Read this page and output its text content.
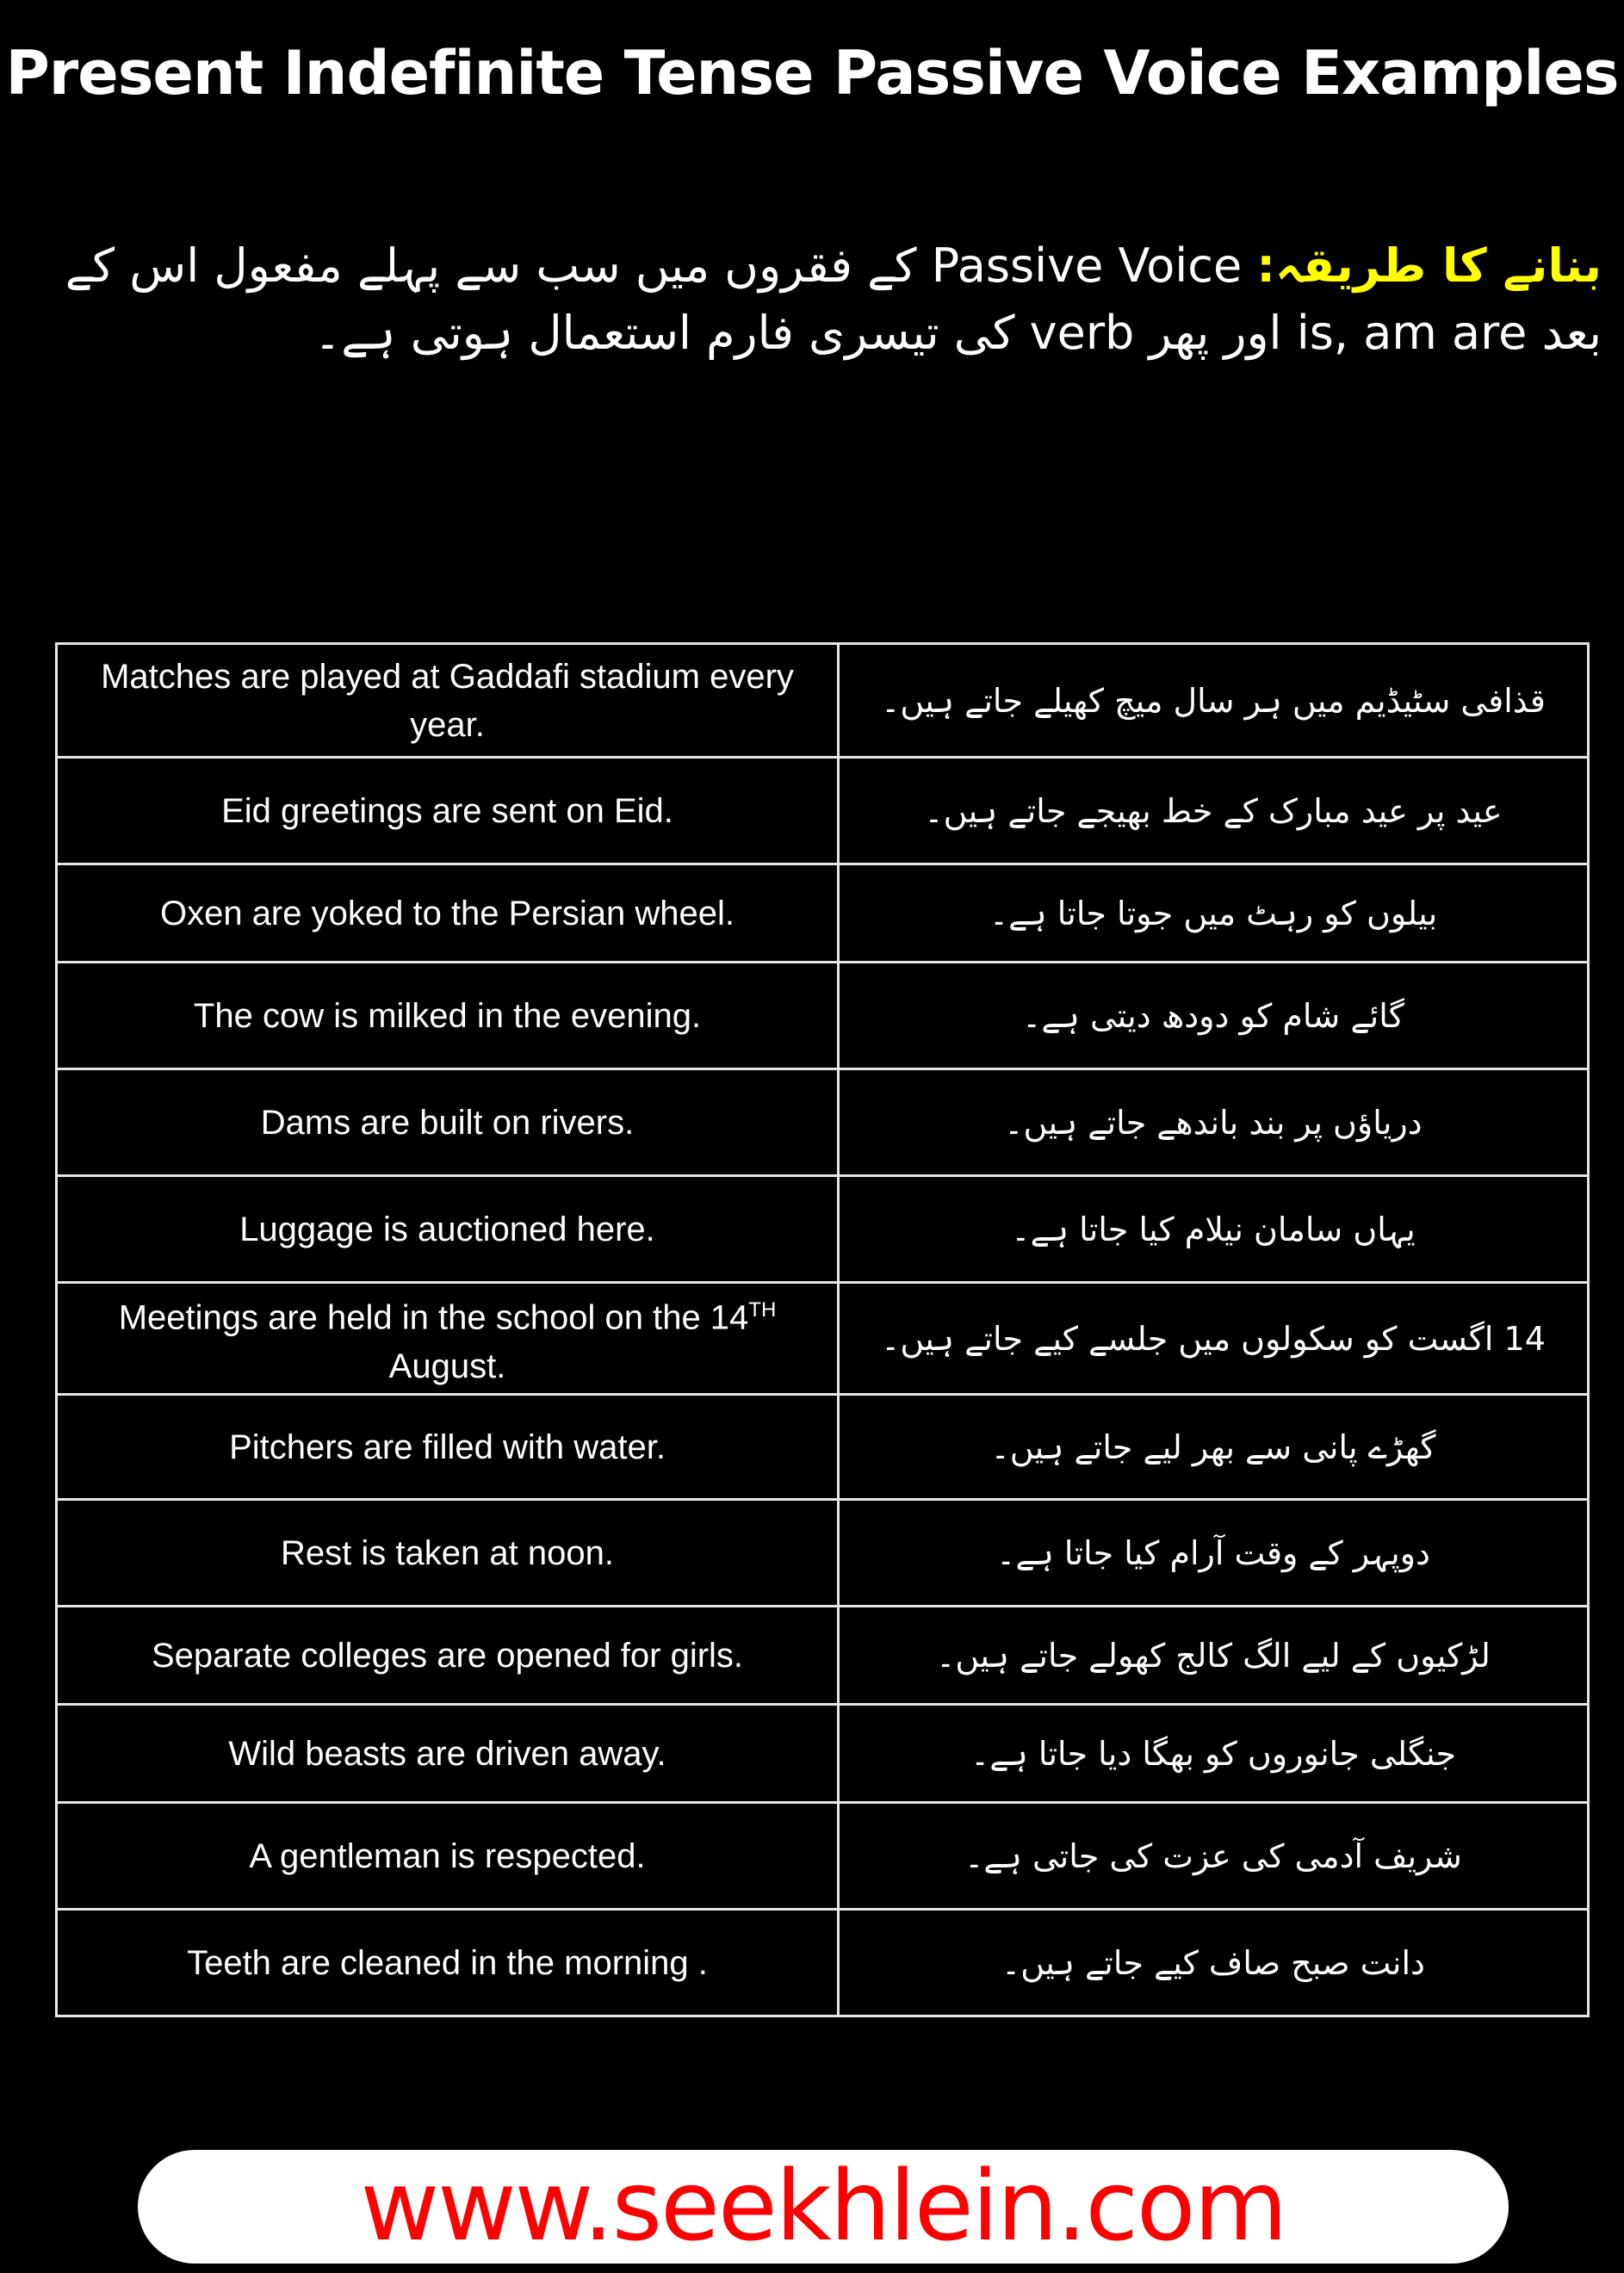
Present Indefinite Tense Passive Voice Examples
بنانے کا طریقہ: Passive Voice کے فقروں میں سب سے پہلے مفعول اس کے بعد is, am are اور پھر verb کی تیسری فارم استعمال ہوتی ہے۔
Matches are played at Gaddafi stadium every year.	قذافی سٹیڈیم میں ہر سال میچ کھیلے جاتے ہیں۔
Eid greetings are sent on Eid.	عید پر عید مبارک کے خط بھیجے جاتے ہیں۔
Oxen are yoked to the Persian wheel.	بیلوں کو رہٹ میں جوتا جاتا ہے۔
The cow is milked in the evening.	گائے شام کو دودھ دیتی ہے۔
Dams are built on rivers.	دریاؤں پر بند باندھے جاتے ہیں۔
Luggage is auctioned here.	یہاں سامان نیلام کیا جاتا ہے۔
Meetings are held in the school on the 14TH August.	14 اگست کو سکولوں میں جلسے کیے جاتے ہیں۔
Pitchers are filled with water.	گھڑے پانی سے بھر لیے جاتے ہیں۔
Rest is taken at noon.	دوپہر کے وقت آرام کیا جاتا ہے۔
Separate colleges are opened for girls.	لڑکیوں کے لیے الگ کالج کھولے جاتے ہیں۔
Wild beasts are driven away.	جنگلی جانوروں کو بھگا دیا جاتا ہے۔
A gentleman is respected.	شریف آدمی کی عزت کی جاتی ہے۔
Teeth are cleaned in the morning .	دانت صبح صاف کیے جاتے ہیں۔
www.seekhlein.com
